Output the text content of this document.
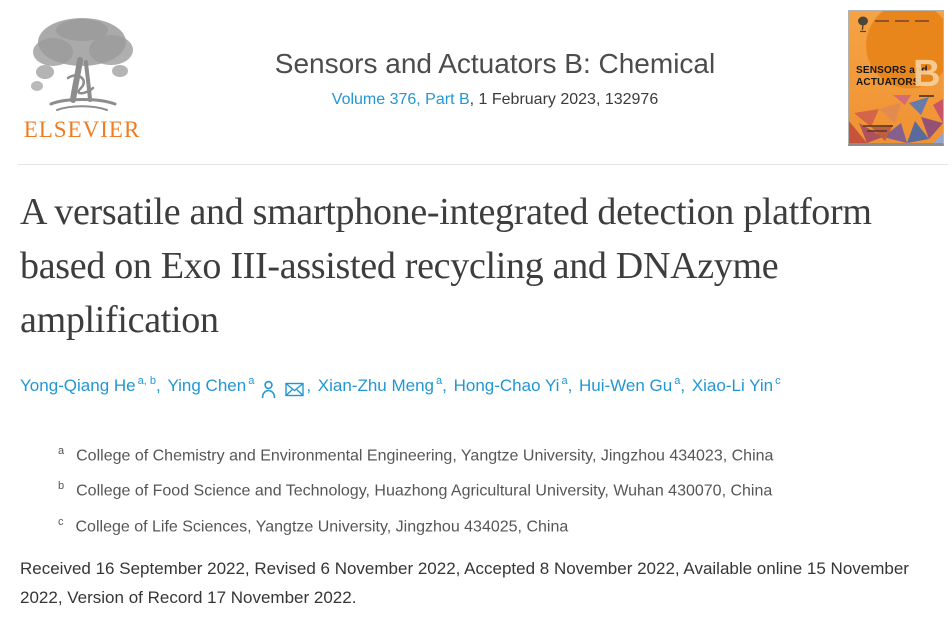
ELSEVIER
Sensors and Actuators B: Chemical
Volume 376, Part B, 1 February 2023, 132976
SENSORS and
ACTUATORS
B
A versatile and smartphone-integrated detection platform based on Exo III-assisted recycling and DNAzyme amplification
Yong-Qiang He $^{a, b}$, Ying Chen $^a$	, Xian-Zhu Meng $^a$, Hong-Chao Yi $^a$, Hui-Wen Gu $^a$, Xiao-Li Yin $^c$
$^a$ College of Chemistry and Environmental Engineering, Yangtze University, Jingzhou 434023, China
$^b$ College of Food Science and Technology, Huazhong Agricultural University, Wuhan 430070, China
$^c$ College of Life Sciences, Yangtze University, Jingzhou 434025, China

Received 16 September 2022, Revised 6 November 2022, Accepted 8 November 2022, Available online 15 November 2022, Version of Record 17 November 2022.
